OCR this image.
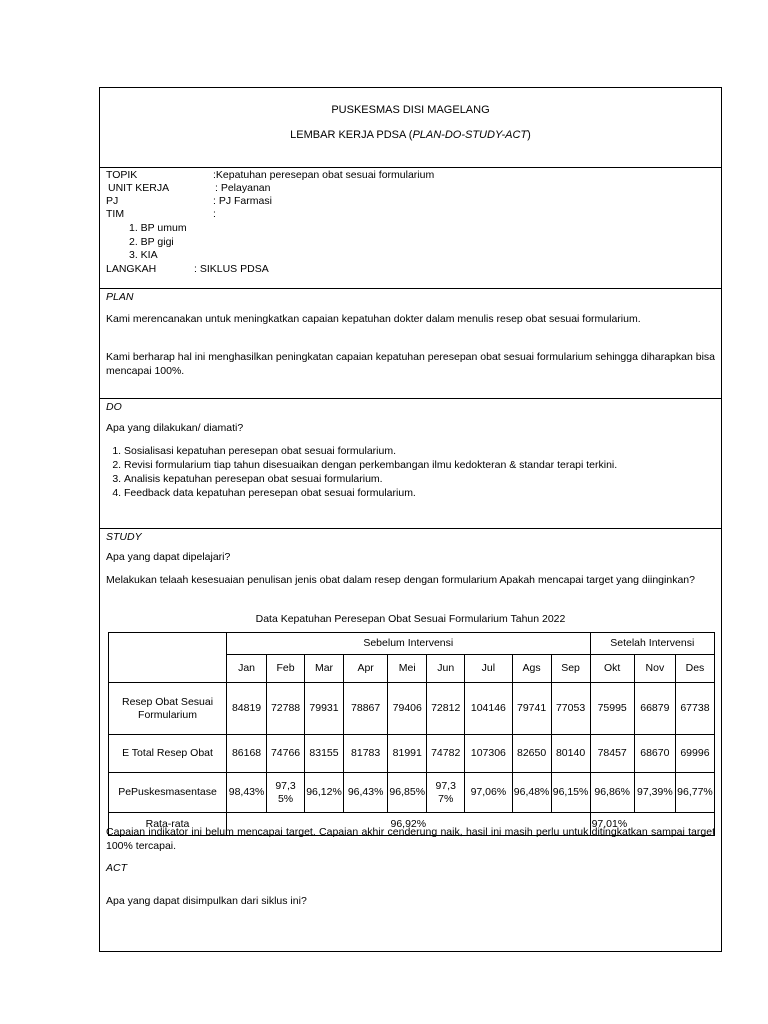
PUSKESMAS DISI MAGELANG
LEMBAR KERJA PDSA (PLAN-DO-STUDY-ACT)
TOPIK	:Kepatuhan peresepan obat sesuai formularium
UNIT KERJA	: Pelayanan
PJ	: PJ Farmasi
TIM	:
1. BP umum
2. BP gigi
3. KIA
LANGKAH	: SIKLUS PDSA
PLAN
Kami merencanakan untuk meningkatkan capaian kepatuhan dokter dalam menulis resep obat sesuai formularium.
Kami berharap hal ini menghasilkan peningkatan capaian kepatuhan peresepan obat sesuai formularium sehingga diharapkan bisa mencapai 100%.
DO
Apa yang dilakukan/ diamati?
1. Sosialisasi kepatuhan peresepan obat sesuai formularium.
2. Revisi formularium tiap tahun disesuaikan dengan perkembangan ilmu kedokteran & standar terapi terkini.
3. Analisis kepatuhan peresepan obat sesuai formularium.
4. Feedback data kepatuhan peresepan obat sesuai formularium.
STUDY
Apa yang dapat dipelajari?
Melakukan telaah kesesuaian penulisan jenis obat dalam resep dengan formularium Apakah mencapai target yang diinginkan?
Data Kepatuhan Peresepan Obat Sesuai Formularium Tahun 2022
	Sebelum Intervensi									Setelah Intervensi		
	Jan	Feb	Mar	Apr	Mei	Jun	Jul	Ags	Sep	Okt	Nov	Des
Resep Obat Sesuai Formularium	84819	72788	79931	78867	79406	72812	104146	79741	77053	75995	66879	67738
E Total Resep Obat	86168	74766	83155	81783	81991	74782	107306	82650	80140	78457	68670	69996
PePuskesmasentase	98,43%	97,35%	96,12%	96,43%	96,85%	97,37%	97,06%	96,48%	96,15%	96,86%	97,39%	96,77%
Rata-rata	96,92%									97,01%		
Capaian indikator ini belum mencapai target. Capaian akhir cenderung naik, hasil ini masih perlu untuk ditingkatkan sampai target 100% tercapai.
ACT
Apa yang dapat disimpulkan dari siklus ini?
